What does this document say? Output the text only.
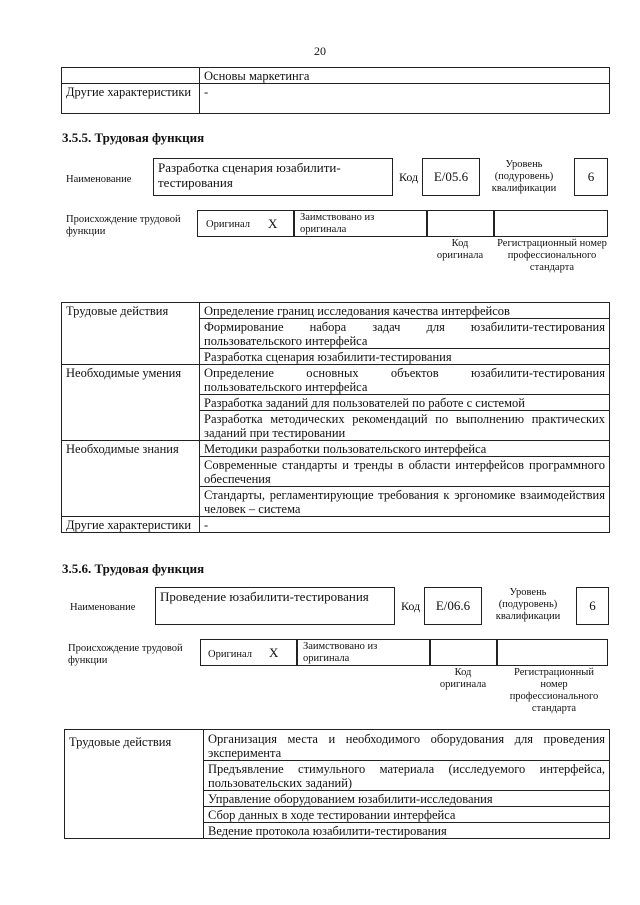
20
	Основы маркетинга
Другие характеристики	-
3.5.5. Трудовая функция
Наименование
Разработка сценария юзабилити-тестирования	Код	E/05.6
Уровень (подуровень) квалификации
6
Происхождение трудовой функции
Оригинал X Заимствовано из оригинала
Код оригинала
Регистрационный номер профессионального стандарта
Трудовые действия	Определение границ исследования качества интерфейсов
	Формирование набора задач для юзабилити-тестирования пользовательского интерфейса
	Разработка сценария юзабилити-тестирования
Необходимые умения	Определение основных объектов юзабилити-тестирования пользовательского интерфейса
	Разработка заданий для пользователей по работе с системой
	Разработка методических рекомендаций по выполнению практических заданий при тестировании
Необходимые знания	Методики разработки пользовательского интерфейса
	Современные стандарты и тренды в области интерфейсов программного обеспечения
	Стандарты, регламентирующие требования к эргономике взаимодействия человек – система
Другие характеристики	-
3.5.6. Трудовая функция
Наименование
Проведение юзабилити-тестирования
Код	E/06.6
Уровень (подуровень) квалификации
6
Происхождение трудовой функции
Оригинал X Заимствовано из оригинала
Код оригинала
Регистрационный номер профессионального стандарта
Трудовые действия	Организация места и необходимого оборудования для проведения эксперимента
Предъявление стимульного материала (исследуемого интерфейса, пользовательских заданий)
Управление оборудованием юзабилити-исследования
Сбор данных в ходе тестировании интерфейса
Ведение протокола юзабилити-тестирования
